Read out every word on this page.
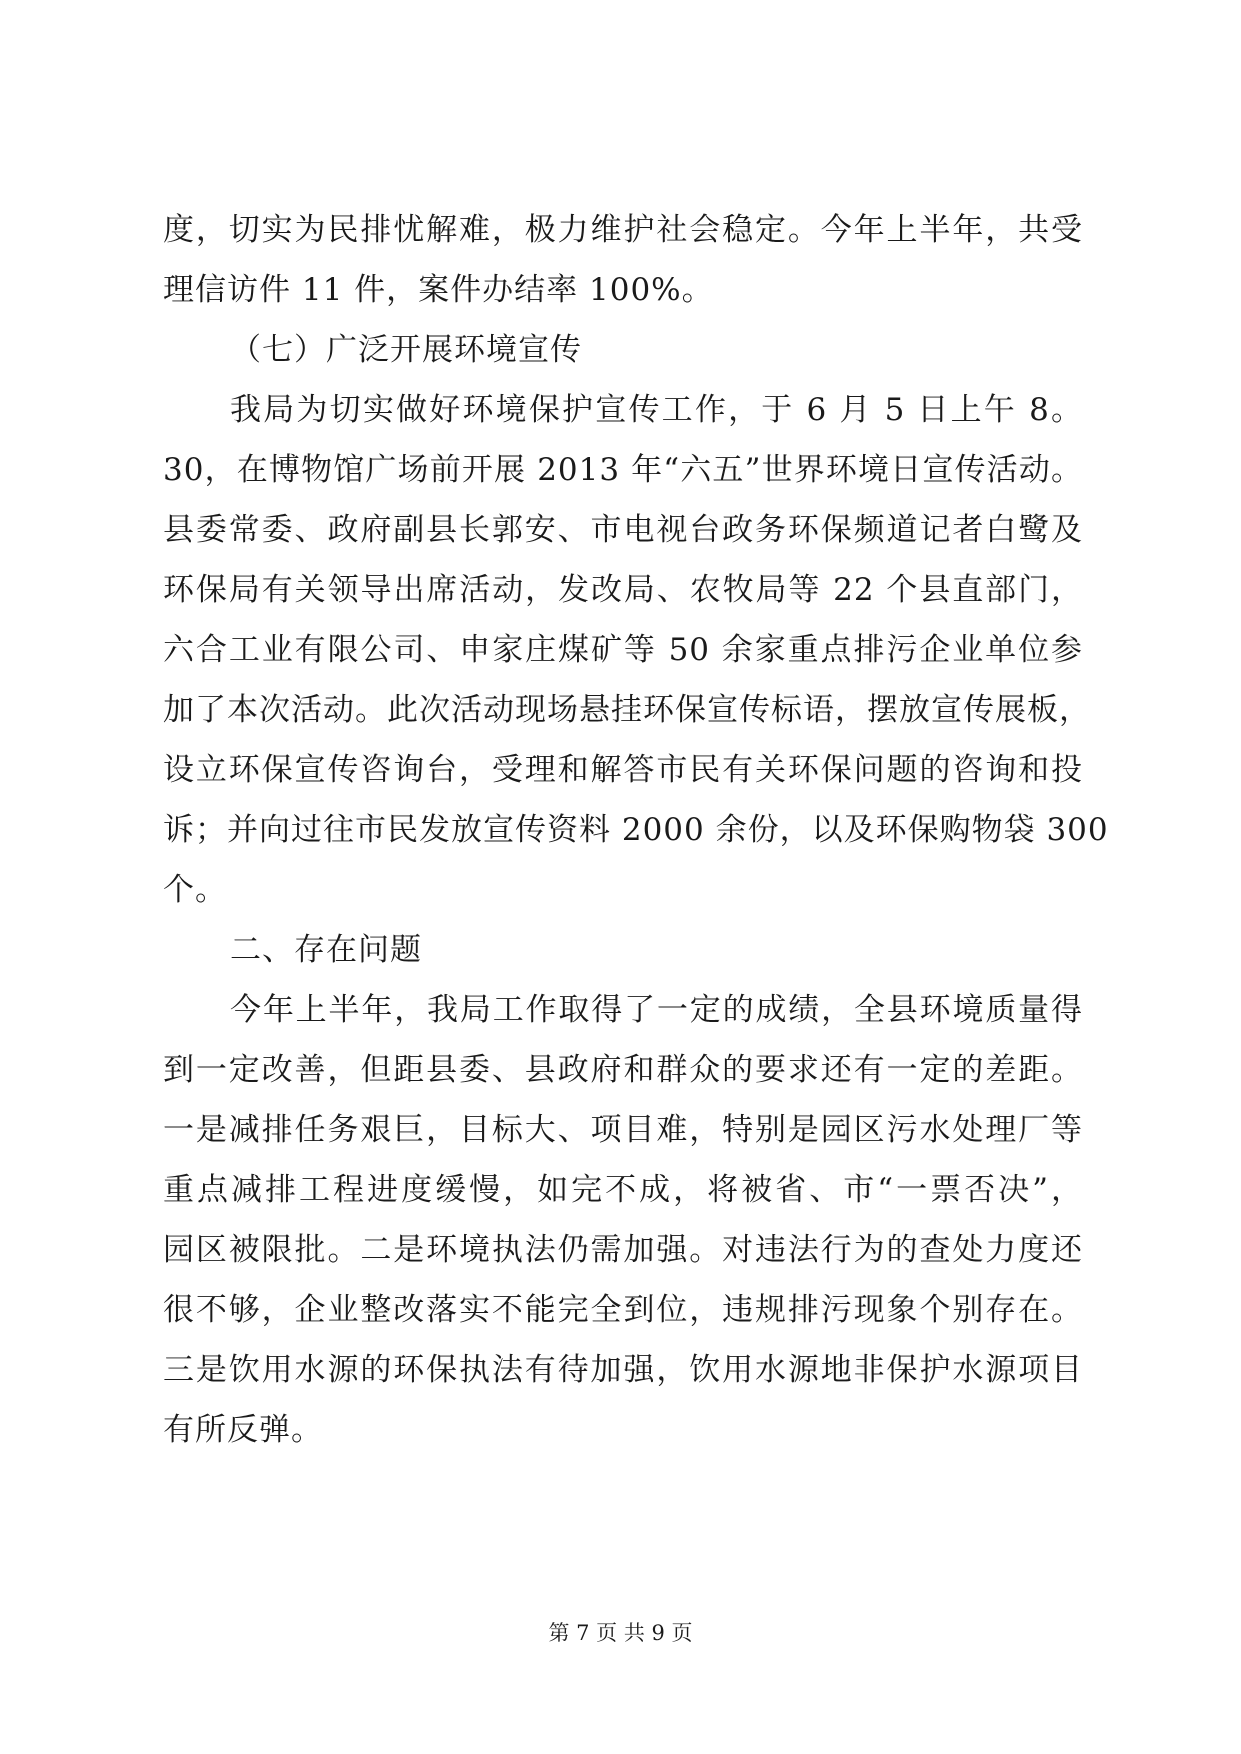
度，切实为民排忧解难，极力维护社会稳定。今年上半年，共受
理信访件 11 件，案件办结率 100%。
（七）广泛开展环境宣传
我局为切实做好环境保护宣传工作，于 6 月 5 日上午 8。
30，在博物馆广场前开展 2013 年“六五”世界环境日宣传活动。
县委常委、政府副县长郭安、市电视台政务环保频道记者白鹭及
环保局有关领导出席活动，发改局、农牧局等 22 个县直部门，
六合工业有限公司、申家庄煤矿等 50 余家重点排污企业单位参
加了本次活动。此次活动现场悬挂环保宣传标语，摆放宣传展板，
设立环保宣传咨询台，受理和解答市民有关环保问题的咨询和投
诉；并向过往市民发放宣传资料 2000 余份，以及环保购物袋 300
个。
二、存在问题
今年上半年，我局工作取得了一定的成绩，全县环境质量得
到一定改善，但距县委、县政府和群众的要求还有一定的差距。
一是减排任务艰巨，目标大、项目难，特别是园区污水处理厂等
重点减排工程进度缓慢，如完不成，将被省、市“一票否决”，
园区被限批。二是环境执法仍需加强。对违法行为的查处力度还
很不够，企业整改落实不能完全到位，违规排污现象个别存在。
三是饮用水源的环保执法有待加强，饮用水源地非保护水源项目
有所反弹。
第 7 页 共 9 页
